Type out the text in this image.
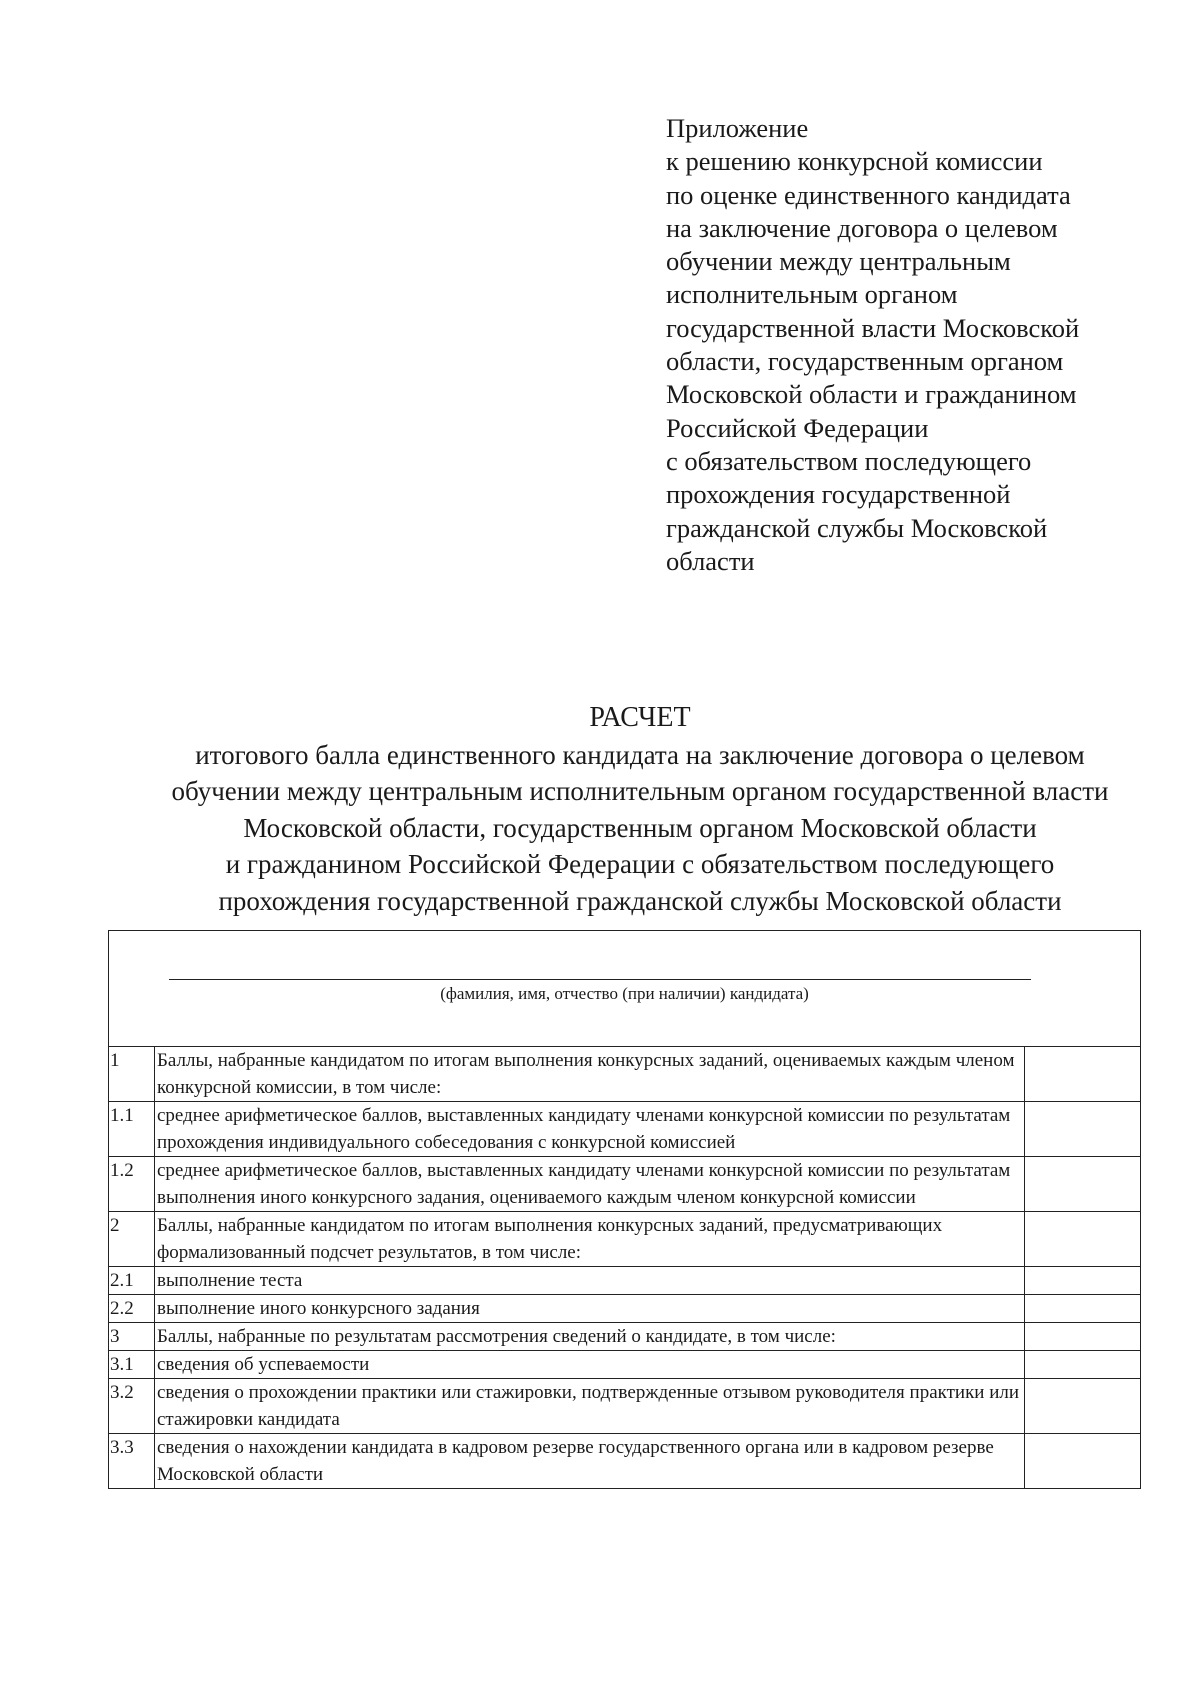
Приложение
к решению конкурсной комиссии
по оценке единственного кандидата
на заключение договора о целевом
обучении между центральным
исполнительным органом
государственной власти Московской
области, государственным органом
Московской области и гражданином
Российской Федерации
с обязательством последующего
прохождения государственной
гражданской службы Московской
области
РАСЧЕТ
итогового балла единственного кандидата на заключение договора о целевом
обучении между центральным исполнительным органом государственной власти
Московской области, государственным органом Московской области
и гражданином Российской Федерации с обязательством последующего
прохождения государственной гражданской службы Московской области
(фамилия, имя, отчество (при наличии) кандидата)		

1	Баллы, набранные кандидатом по итогам выполнения конкурсных заданий, оцениваемых каждым членом конкурсной комиссии, в том числе:	
1.1	среднее арифметическое баллов, выставленных кандидату членами конкурсной комиссии по результатам прохождения индивидуального собеседования с конкурсной комиссией	
1.2	среднее арифметическое баллов, выставленных кандидату членами конкурсной комиссии по результатам выполнения иного конкурсного задания, оцениваемого каждым членом конкурсной комиссии	
2	Баллы, набранные кандидатом по итогам выполнения конкурсных заданий, предусматривающих формализованный подсчет результатов, в том числе:	
2.1	выполнение теста	
2.2	выполнение иного конкурсного задания	
3	Баллы, набранные по результатам рассмотрения сведений о кандидате, в том числе:	
3.1	сведения об успеваемости	
3.2	сведения о прохождении практики или стажировки, подтвержденные отзывом руководителя практики или стажировки кандидата	
3.3	сведения о нахождении кандидата в кадровом резерве государственного органа или в кадровом резерве Московской области	
